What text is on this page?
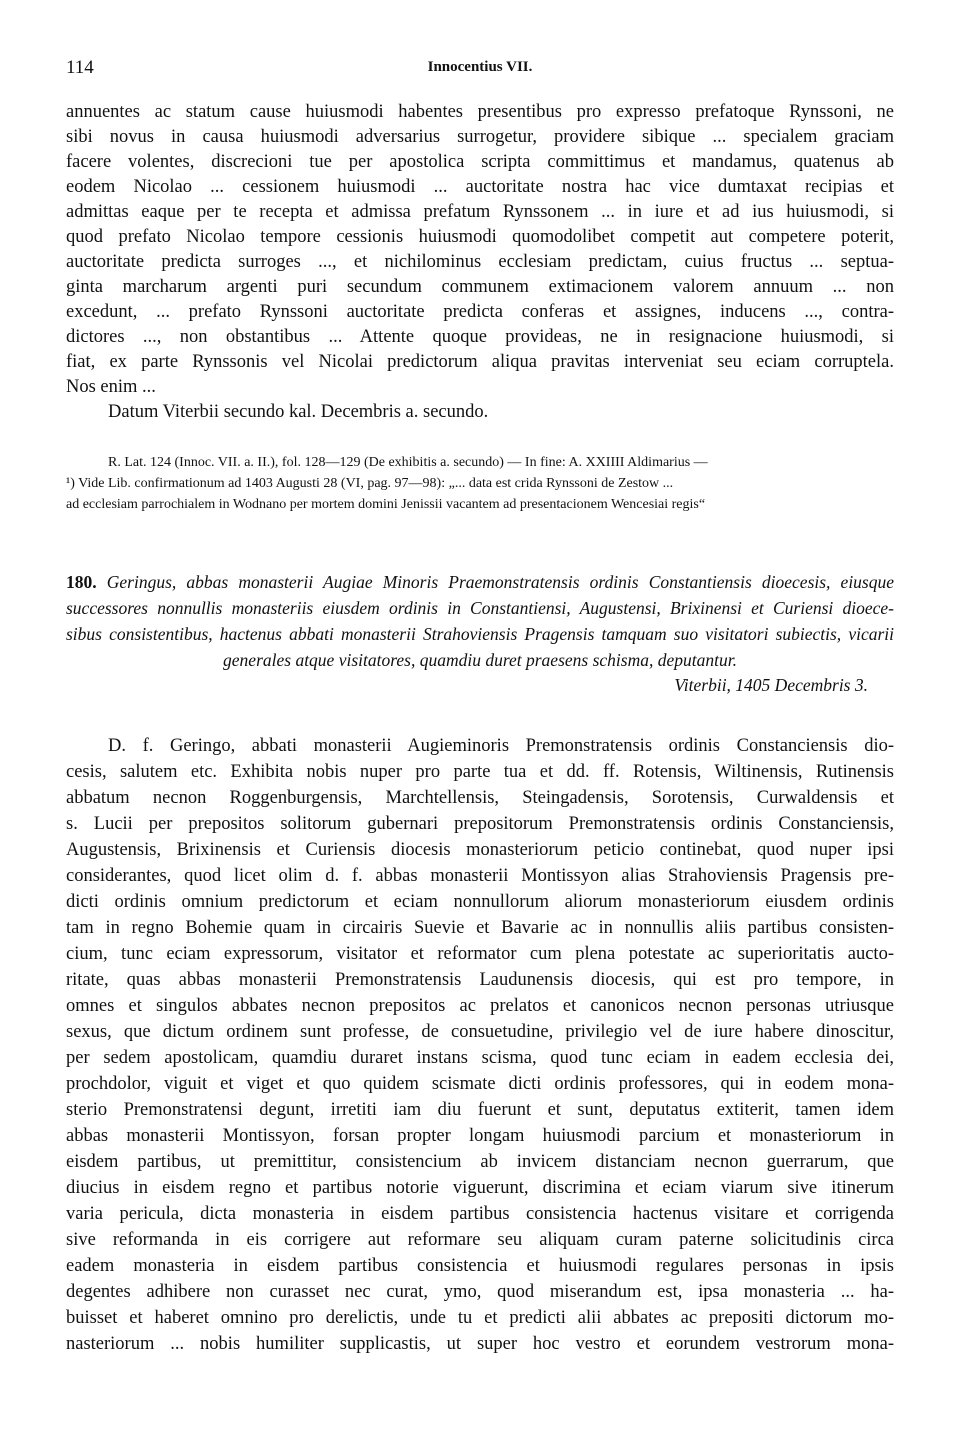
114	Innocentius VII.
annuentes ac statum cause huiusmodi habentes presentibus pro expresso prefatoque Rynssoni, ne
sibi novus in causa huiusmodi adversarius surrogetur, providere sibique ... specialem graciam
facere volentes, discrecioni tue per apostolica scripta committimus et mandamus, quatenus ab
eodem Nicolao ... cessionem huiusmodi ... auctoritate nostra hac vice dumtaxat recipias et
admittas eaque per te recepta et admissa prefatum Rynssonem ... in iure et ad ius huiusmodi, si
quod prefato Nicolao tempore cessionis huiusmodi quomodolibet competit aut competere poterit,
auctoritate predicta surroges ..., et nichilominus ecclesiam predictam, cuius fructus ... septua-
ginta marcharum argenti puri secundum communem extimacionem valorem annuum ... non
excedunt, ... prefato Rynssoni auctoritate predicta conferas et assignes, inducens ..., contra-
dictores ..., non obstantibus ... Attente quoque provideas, ne in resignacione huiusmodi, si
fiat, ex parte Rynssonis vel Nicolai predictorum aliqua pravitas interveniat seu eciam corruptela.
Nos enim ...
Datum Viterbii secundo kal. Decembris a. secundo.
R. Lat. 124 (Innoc. VII. a. II.), fol. 128—129 (De exhibitis a. secundo) — In fine: A. XXIIII Aldimarius —
¹) Vide Lib. confirmationum ad 1403 Augusti 28 (VI, pag. 97—98): „... data est crida Rynssoni de Zestow ...
ad ecclesiam parrochialem in Wodnano per mortem domini Jenissii vacantem ad presentacionem Wencesiai regis“
180. Geringus, abbas monasterii Augiae Minoris Praemonstratensis ordinis Constantiensis dioecesis, eiusque
successores nonnullis monasteriis eiusdem ordinis in Constantiensi, Augustensi, Brixinensi et Curiensi dioece-
sibus consistentibus, hactenus abbati monasterii Strahoviensis Pragensis tamquam suo visitatori subiectis, vicarii
generales atque visitatores, quamdiu duret praesens schisma, deputantur.
Viterbii, 1405 Decembris 3.
D. f. Geringo, abbati monasterii Augieminoris Premonstratensis ordinis Constanciensis dio-
cesis, salutem etc. Exhibita nobis nuper pro parte tua et dd. ff. Rotensis, Wiltinensis, Rutinensis
abbatum necnon Roggenburgensis, Marchtellensis, Steingadensis, Sorotensis, Curwaldensis et
s. Lucii per prepositos solitorum gubernari prepositorum Premonstratensis ordinis Constanciensis,
Augustensis, Brixinensis et Curiensis diocesis monasteriorum peticio continebat, quod nuper ipsi
considerantes, quod licet olim d. f. abbas monasterii Montissyon alias Strahoviensis Pragensis pre-
dicti ordinis omnium predictorum et eciam nonnullorum aliorum monasteriorum eiusdem ordinis
tam in regno Bohemie quam in circairis Suevie et Bavarie ac in nonnullis aliis partibus consisten-
cium, tunc eciam expressorum, visitator et reformator cum plena potestate ac superioritatis aucto-
ritate, quas abbas monasterii Premonstratensis Laudunensis diocesis, qui est pro tempore, in
omnes et singulos abbates necnon prepositos ac prelatos et canonicos necnon personas utriusque
sexus, que dictum ordinem sunt professe, de consuetudine, privilegio vel de iure habere dinoscitur,
per sedem apostolicam, quamdiu duraret instans scisma, quod tunc eciam in eadem ecclesia dei,
prochdolor, viguit et viget et quo quidem scismate dicti ordinis professores, qui in eodem mona-
sterio Premonstratensi degunt, irretiti iam diu fuerunt et sunt, deputatus extiterit, tamen idem
abbas monasterii Montissyon, forsan propter longam huiusmodi parcium et monasteriorum in
eisdem partibus, ut premittitur, consistencium ab invicem distanciam necnon guerrarum, que
diucius in eisdem regno et partibus notorie viguerunt, discrimina et eciam viarum sive itinerum
varia pericula, dicta monasteria in eisdem partibus consistencia hactenus visitare et corrigenda
sive reformanda in eis corrigere aut reformare seu aliquam curam paterne solicitudinis circa
eadem monasteria in eisdem partibus consistencia et huiusmodi regulares personas in ipsis
degentes adhibere non curasset nec curat, ymo, quod miserandum est, ipsa monasteria ... ha-
buisset et haberet omnino pro derelictis, unde tu et predicti alii abbates ac prepositi dictorum mo-
nasteriorum ... nobis humiliter supplicastis, ut super hoc vestro et eorundem vestrorum mona-
